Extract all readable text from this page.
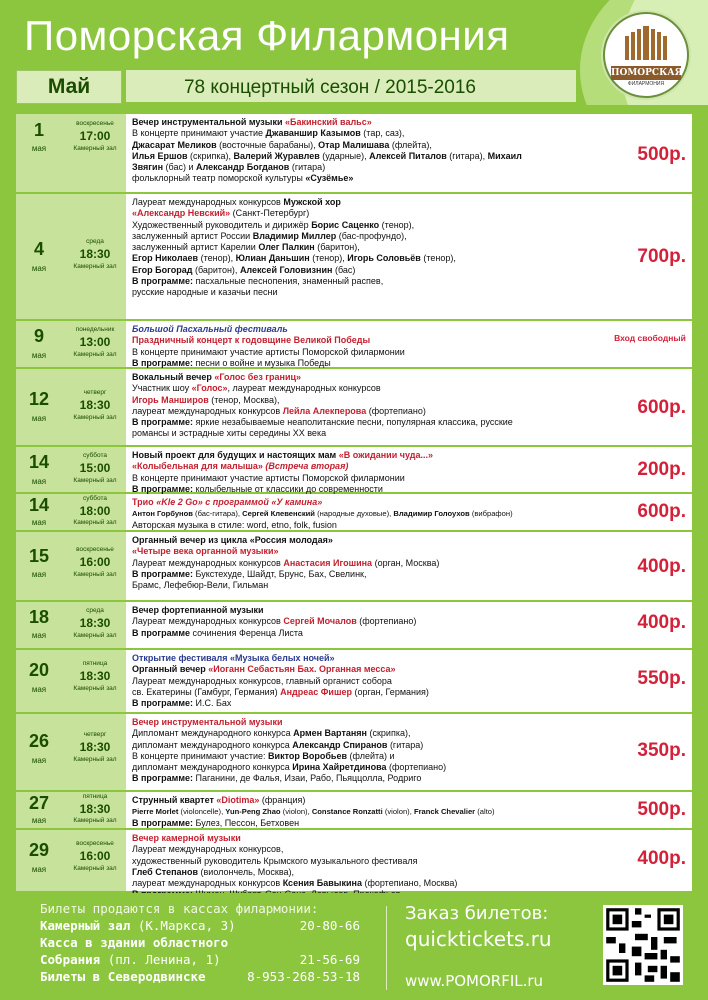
Поморская Филармония
ПОМОРСКАЯ
ФИЛАРМОНИЯ
Май	78 концертный сезон / 2015-2016
1
мая
воскресенье
17:00
Камерный зал
Вечер инструментальной музыки «Бакинский вальс»
В концерте принимают участие Джаваншир Казымов (тар, саз),
Джасарат Меликов (восточные барабаны), Отар Малишава (флейта),
Илья Ершов (скрипка), Валерий Журавлев (ударные), Алексей Питалов (гитара), Михаил
Звягин (бас) и Александр Богданов (гитара)
фольклорный театр поморской культуры «Сузёмье»
500р.
4
мая
среда
18:30
Камерный зал
Лауреат международных конкурсов Мужской хор
«Александр Невский» (Санкт-Петербург)
Художественный руководитель и дирижёр Борис Саценко (тенор),
заслуженный артист России Владимир Миллер (бас-профундо),
заслуженный артист Карелии Олег Палкин (баритон),
Егор Николаев (тенор), Юлиан Даньшин (тенор), Игорь Соловьёв (тенор),
Егор Богорад (баритон), Алексей Головизнин (бас)
В программе: пасхальные песнопения, знаменный распев,
русские народные и казачьи песни
700р.
9
мая
понедельник
13:00
Камерный зал
Большой Пасхальный фестиваль
Праздничный концерт к годовщине Великой Победы
В концерте принимают участие артисты Поморской филармонии
В программе: песни о войне и музыка Победы
Вход свободный
12
мая
четверг
18:30
Камерный зал
Вокальный вечер «Голос без границ»
Участник шоу «Голос», лауреат международных конкурсов
Игорь Манширов (тенор, Москва),
лауреат международных конкурсов Лейла Алекперова (фортепиано)
В программе: яркие незабываемые неаполитанские песни, популярная классика, русские
романсы и эстрадные хиты середины XX века
600р.
14
мая
суббота
15:00
Камерный зал
Новый проект для будущих и настоящих мам «В ожидании чуда...»
«Колыбельная для малыша» (Встреча вторая)
В концерте принимают участие артисты Поморской филармонии
В программе: колыбельные от классики до современности
200р.
14
мая
суббота
18:00
Камерный зал
Трио «Kle 2 Go» с программой «У камина»
Антон Горбунов (бас-гитара), Сергей Клевенский (народные духовые), Владимир Голоухов (вибрафон)
Авторская музыка в стиле: word, etno, folk, fusion
600р.
15
мая
воскресенье
16:00
Камерный зал
Органный вечер из цикла «Россия молодая»
«Четыре века органной музыки»
Лауреат международных конкурсов Анастасия Игошина (орган, Москва)
В программе: Букстехуде, Шайдт, Брунс, Бах, Свелинк,
Брамс, Лефебюр-Вели, Гильман
400р.
18
мая
среда
18:30
Камерный зал
Вечер фортепианной музыки
Лауреат международных конкурсов Сергей Мочалов (фортепиано)
В программе сочинения Ференца Листа	400р.
20
мая
пятница
18:30
Камерный зал
Открытие фестиваля «Музыка белых ночей»
Органный вечер «Иоганн Себастьян Бах. Органная месса»
Лауреат международных конкурсов, главный органист собора
св. Екатерины (Гамбург, Германия) Андреас Фишер (орган, Германия)
В программе: И.С. Бах
550р.
26
мая
четверг
18:30
Камерный зал
Вечер инструментальной музыки
Дипломант международного конкурса Армен Вартанян (скрипка),
дипломант международного конкурса Александр Спиранов (гитара)
В концерте принимают участие: Виктор Воробьев (флейта) и
дипломант международного конкурса Ирина Хайретдинова (фортепиано)
В программе: Паганини, де Фалья, Изаи, Рабо, Пьяццолла, Родриго
350р.
27
мая
пятница
18:30
Камерный зал
Струнный квартет «Diotima» (франция)
Pierre Morlet (violoncelle), Yun-Peng Zhao (violon), Constance Ronzatti (violon), Franck Chevalier (alto)
В программе: Булез, Пессон, Бетховен
500р.
29
мая
воскресенье
16:00
Камерный зал
Вечер камерной музыки
Лауреат международных конкурсов,
художественный руководитель Крымского музыкального фестиваля
Глеб Степанов (виолончель, Москва),
лауреат международных конкурсов Ксения Бавыкина (фортепиано, Москва)
400р.
Билеты продаются в кассах филармонии:
Камерный зал (К.Маркса, 3)	20-80-66
Касса в здании областного
Собрания (пл. Ленина, 1)	21-56-69
Билеты в Северодвинске	8-953-268-53-18
Заказ билетов:
quicktickets.ru
www.POMORFIL.ru
